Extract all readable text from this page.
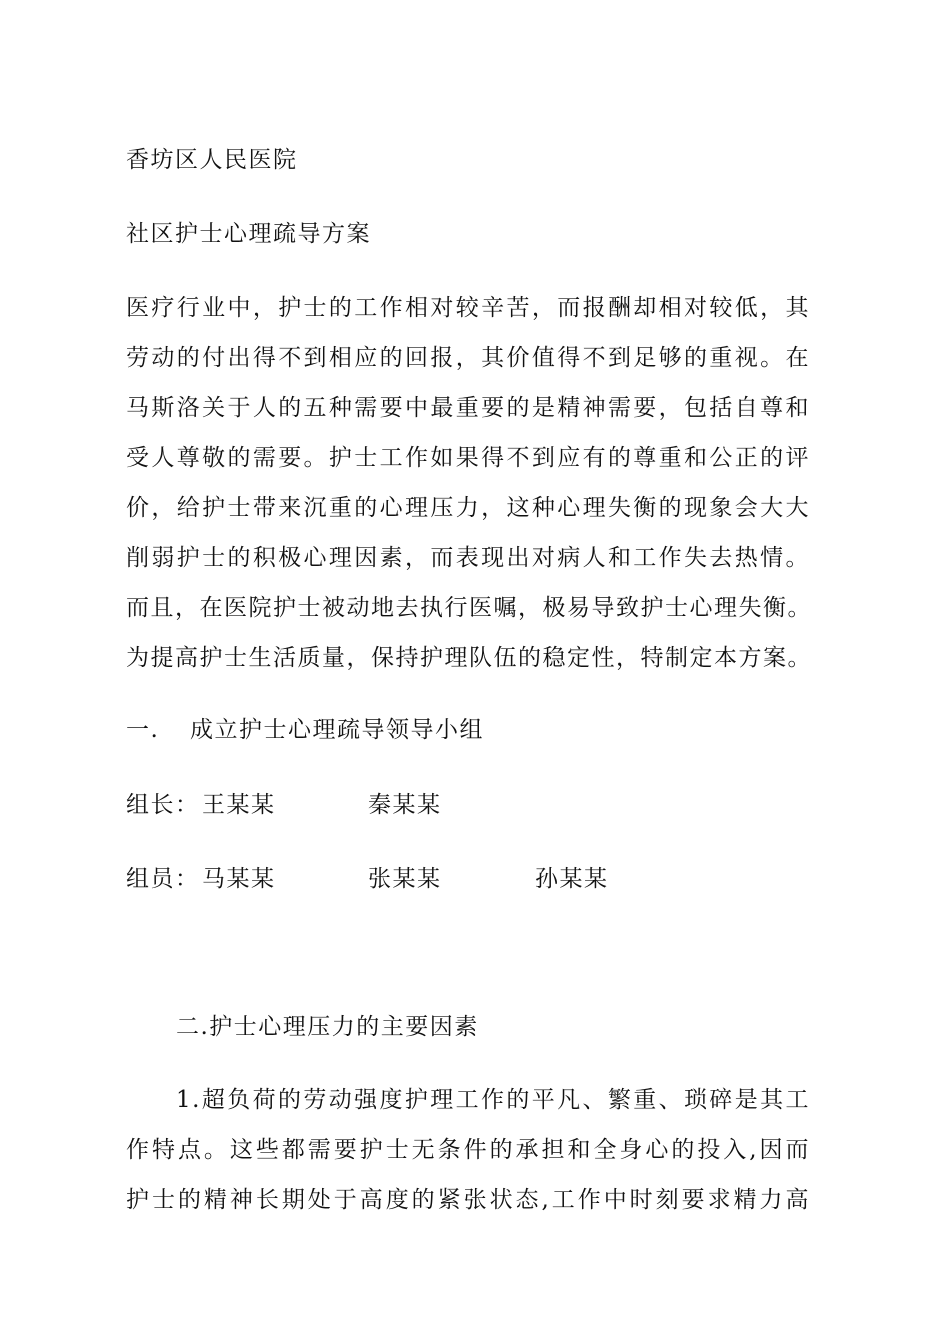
香坊区人民医院
社区护士心理疏导方案
医疗行业中，护士的工作相对较辛苦，而报酬却相对较低，其
劳动的付出得不到相应的回报，其价值得不到足够的重视。在
马斯洛关于人的五种需要中最重要的是精神需要，包括自尊和
受人尊敬的需要。护士工作如果得不到应有的尊重和公正的评
价，给护士带来沉重的心理压力，这种心理失衡的现象会大大
削弱护士的积极心理因素，而表现出对病人和工作失去热情。
而且，在医院护士被动地去执行医嘱，极易导致护士心理失衡。
为提高护士生活质量，保持护理队伍的稳定性，特制定本方案。
一. 成立护士心理疏导领导小组
组长： 王某某	秦某某
组员： 马某某	张某某	孙某某
二.护士心理压力的主要因素
1.超负荷的劳动强度护理工作的平凡、繁重、琐碎是其工
作特点。这些都需要护士无条件的承担和全身心的投入,因而
护士的精神长期处于高度的紧张状态,工作中时刻要求精力高
